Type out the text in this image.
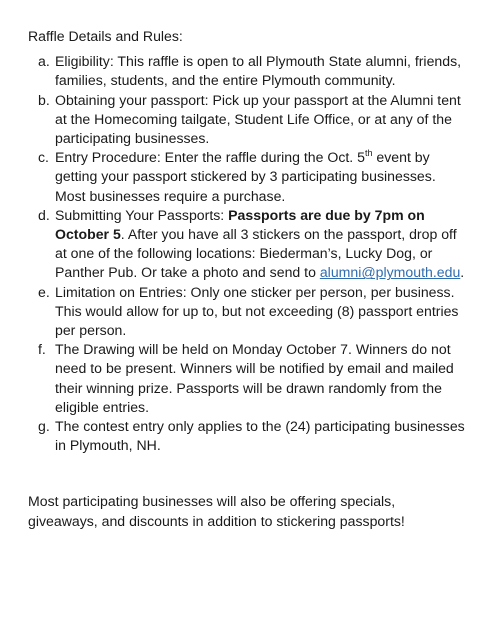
Raffle Details and Rules:
a. Eligibility: This raffle is open to all Plymouth State alumni, friends, families, students, and the entire Plymouth community.
b. Obtaining your passport: Pick up your passport at the Alumni tent at the Homecoming tailgate, Student Life Office, or at any of the participating businesses.
c. Entry Procedure: Enter the raffle during the Oct. 5th event by getting your passport stickered by 3 participating businesses. Most businesses require a purchase.
d. Submitting Your Passports: Passports are due by 7pm on October 5. After you have all 3 stickers on the passport, drop off at one of the following locations: Biederman’s, Lucky Dog, or Panther Pub. Or take a photo and send to alumni@plymouth.edu.
e. Limitation on Entries: Only one sticker per person, per business. This would allow for up to, but not exceeding (8) passport entries per person.
f. The Drawing will be held on Monday October 7. Winners do not need to be present. Winners will be notified by email and mailed their winning prize. Passports will be drawn randomly from the eligible entries.
g. The contest entry only applies to the (24) participating businesses in Plymouth, NH.
Most participating businesses will also be offering specials, giveaways, and discounts in addition to stickering passports!
